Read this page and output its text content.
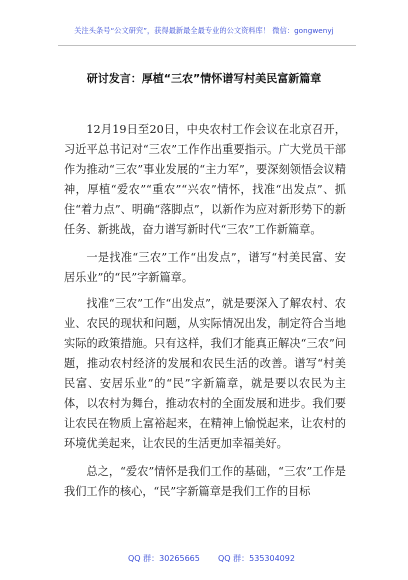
关注头条号“公文研究”，获得最新最全最专业的公文资料库！ 微信：gongwenyj
研讨发言：厚植“三农”情怀谱写村美民富新篇章

12月19日至20日，中央农村工作会议在北京召开，习近平总书记对“三农”工作作出重要指示。广大党员干部作为推动“三农”事业发展的“主力军”，要深刻领悟会议精神，厚植“爱农”“重农”“兴农”情怀，找准“出发点”、抓住“着力点”、明确“落脚点”，以新作为应对新形势下的新任务、新挑战，奋力谱写新时代“三农”工作新篇章。

一是找准“三农”工作“出发点”，谱写“村美民富、安居乐业”的“民”字新篇章。

找准“三农”工作“出发点”，就是要深入了解农村、农业、农民的现状和问题，从实际情况出发，制定符合当地实际的政策措施。只有这样，我们才能真正解决“三农”问题，推动农村经济的发展和农民生活的改善。谱写“村美民富、安居乐业”的“民”字新篇章，就是要以农民为主体，以农村为舞台，推动农村的全面发展和进步。我们要让农民在物质上富裕起来，在精神上愉悦起来，让农村的环境优美起来，让农民的生活更加幸福美好。

总之，“爱农”情怀是我们工作的基础，“三农”工作是我们工作的核心，“民”字新篇章是我们工作的目标

QQ 群：30265665 QQ 群：535304092
